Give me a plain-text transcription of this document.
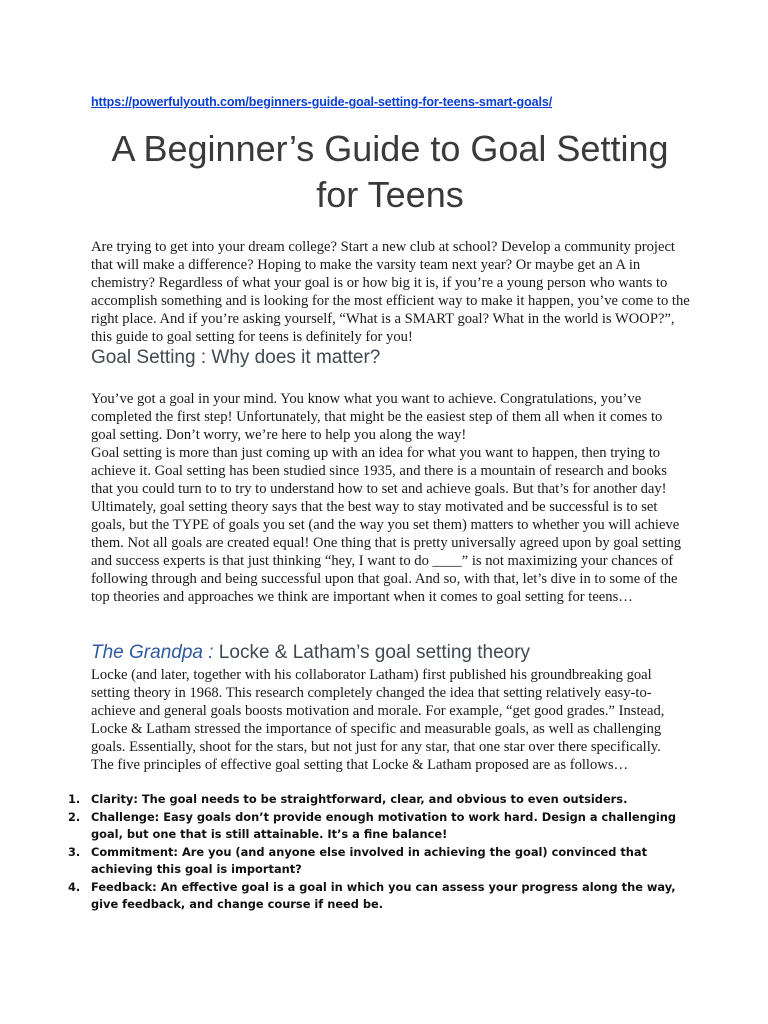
https://powerfulyouth.com/beginners-guide-goal-setting-for-teens-smart-goals/
A Beginner’s Guide to Goal Setting
for Teens

Are trying to get into your dream college? Start a new club at school? Develop a community project that will make a difference? Hoping to make the varsity team next year? Or maybe get an A in chemistry? Regardless of what your goal is or how big it is, if you’re a young person who wants to accomplish something and is looking for the most efficient way to make it happen, you’ve come to the right place. And if you’re asking yourself, “What is a SMART goal? What in the world is WOOP?”, this guide to goal setting for teens is definitely for you!

Goal Setting : Why does it matter?

You’ve got a goal in your mind. You know what you want to achieve. Congratulations, you’ve completed the first step! Unfortunately, that might be the easiest step of them all when it comes to goal setting. Don’t worry, we’re here to help you along the way!

Goal setting is more than just coming up with an idea for what you want to happen, then trying to achieve it. Goal setting has been studied since 1935, and there is a mountain of research and books that you could turn to to try to understand how to set and achieve goals. But that’s for another day!

Ultimately, goal setting theory says that the best way to stay motivated and be successful is to set goals, but the TYPE of goals you set (and the way you set them) matters to whether you will achieve them. Not all goals are created equal! One thing that is pretty universally agreed upon by goal setting and success experts is that just thinking “hey, I want to do ____” is not maximizing your chances of following through and being successful upon that goal. And so, with that, let’s dive in to some of the top theories and approaches we think are important when it comes to goal setting for teens…

The Grandpa : Locke & Latham’s goal setting theory

Locke (and later, together with his collaborator Latham) first published his groundbreaking goal setting theory in 1968. This research completely changed the idea that setting relatively easy-to-achieve and general goals boosts motivation and morale. For example, “get good grades.” Instead, Locke & Latham stressed the importance of specific and measurable goals, as well as challenging goals. Essentially, shoot for the stars, but not just for any star, that one star over there specifically.

The five principles of effective goal setting that Locke & Latham proposed are as follows…

1. Clarity: The goal needs to be straightforward, clear, and obvious to even outsiders.
2. Challenge: Easy goals don’t provide enough motivation to work hard. Design a challenging goal, but one that is still attainable. It’s a fine balance!
3. Commitment: Are you (and anyone else involved in achieving the goal) convinced that achieving this goal is important?
4. Feedback: An effective goal is a goal in which you can assess your progress along the way, give feedback, and change course if need be.
